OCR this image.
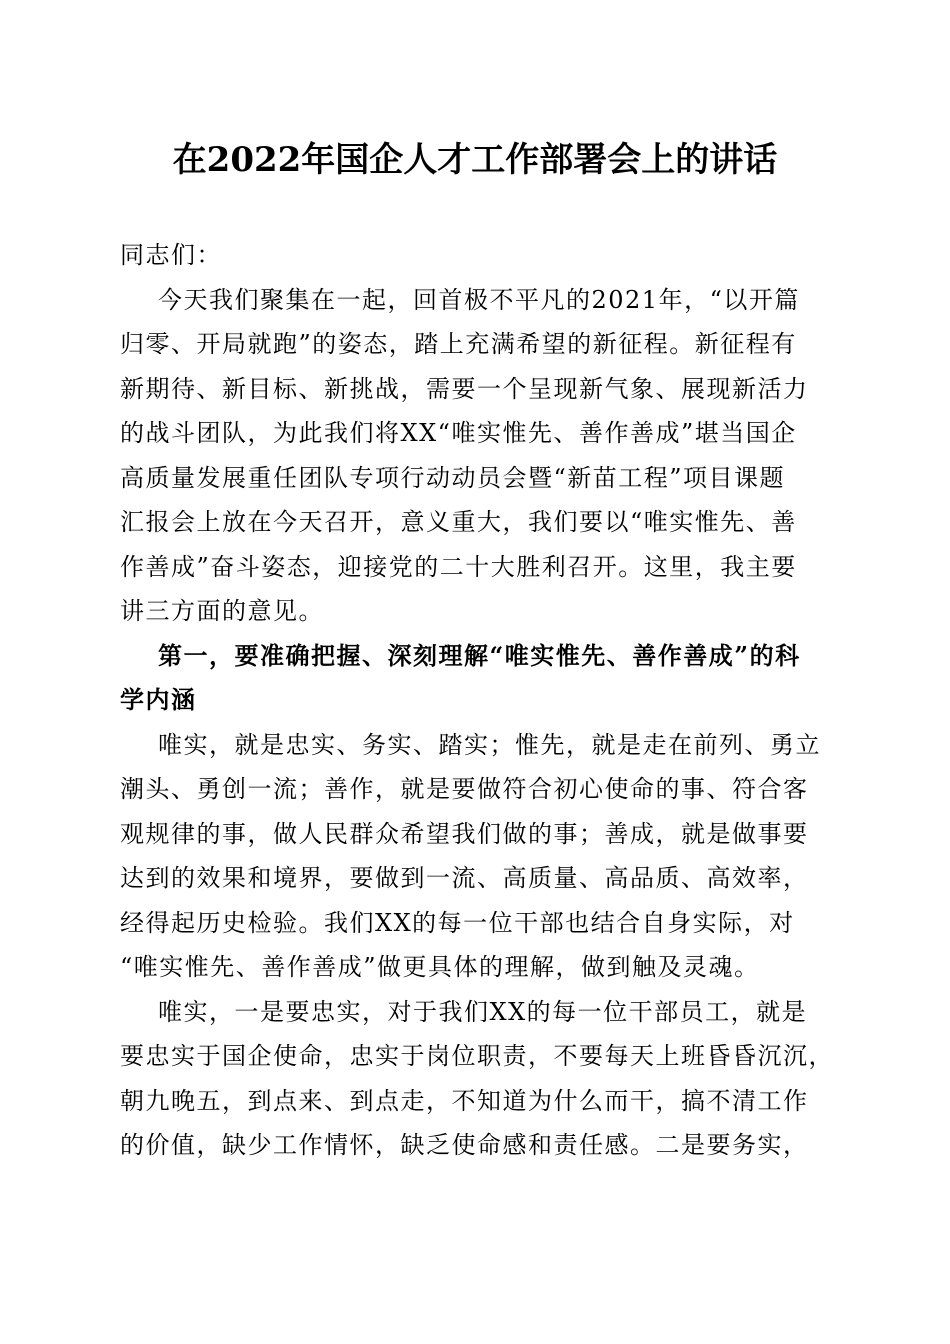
在2022年国企人才工作部署会上的讲话
同志们：
今天我们聚集在一起，回首极不平凡的2021年，“以开篇
归零、开局就跑”的姿态，踏上充满希望的新征程。新征程有
新期待、新目标、新挑战，需要一个呈现新气象、展现新活力
的战斗团队，为此我们将XX“唯实惟先、善作善成”堪当国企
高质量发展重任团队专项行动动员会暨“新苗工程”项目课题
汇报会上放在今天召开，意义重大，我们要以“唯实惟先、善
作善成”奋斗姿态，迎接党的二十大胜利召开。这里，我主要
讲三方面的意见。
第一，要准确把握、深刻理解“唯实惟先、善作善成”的科
学内涵
唯实，就是忠实、务实、踏实；惟先，就是走在前列、勇立
潮头、勇创一流；善作，就是要做符合初心使命的事、符合客
观规律的事，做人民群众希望我们做的事；善成，就是做事要
达到的效果和境界，要做到一流、高质量、高品质、高效率，
经得起历史检验。我们XX的每一位干部也结合自身实际，对
“唯实惟先、善作善成”做更具体的理解，做到触及灵魂。
唯实，一是要忠实，对于我们XX的每一位干部员工，就是
要忠实于国企使命，忠实于岗位职责，不要每天上班昏昏沉沉，
朝九晚五，到点来、到点走，不知道为什么而干，搞不清工作
的价值，缺少工作情怀，缺乏使命感和责任感。二是要务实，
